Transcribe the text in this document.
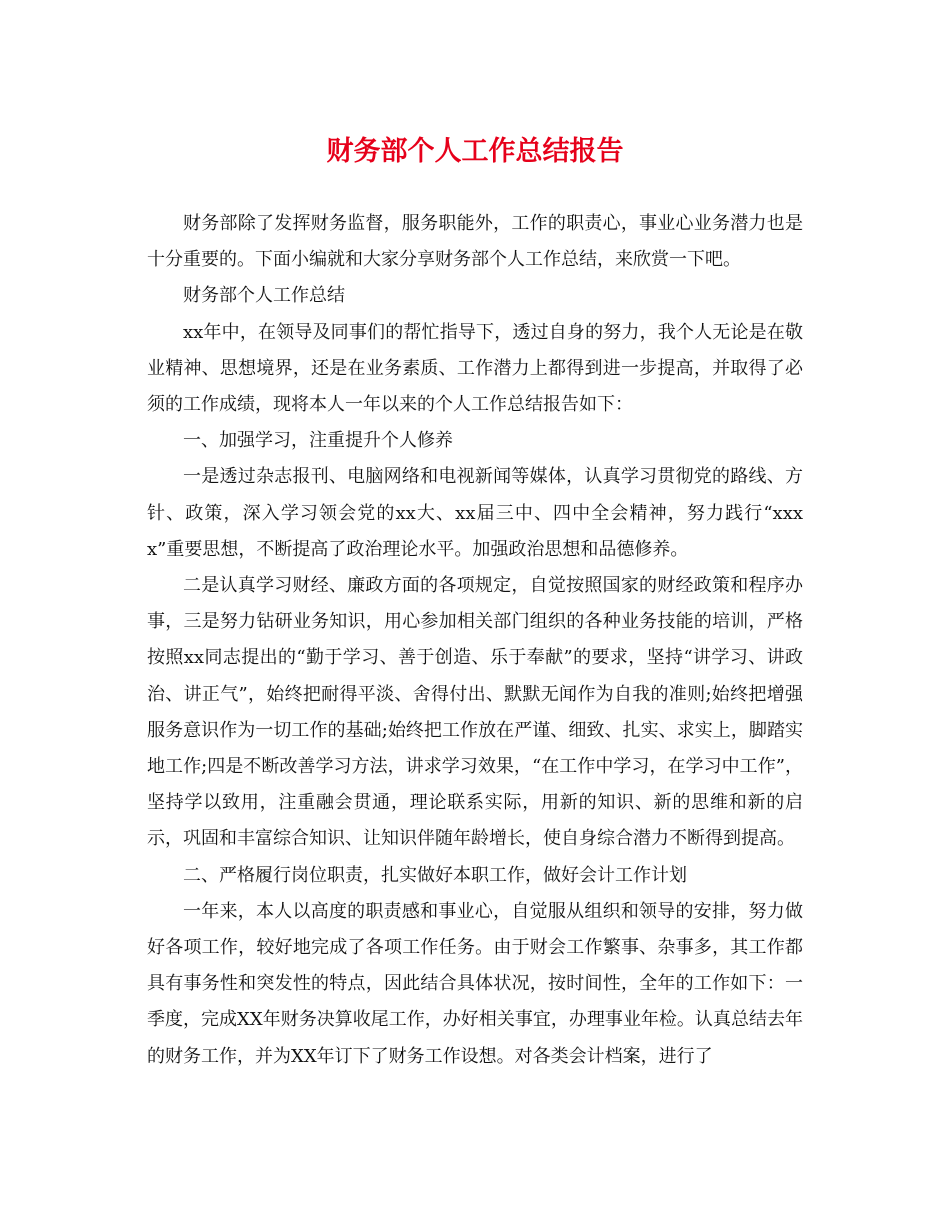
财务部个人工作总结报告

财务部除了发挥财务监督，服务职能外，工作的职责心，事业心业务潜力也是十分重要的。下面小编就和大家分享财务部个人工作总结，来欣赏一下吧。

财务部个人工作总结

xx年中，在领导及同事们的帮忙指导下，透过自身的努力，我个人无论是在敬业精神、思想境界，还是在业务素质、工作潜力上都得到进一步提高，并取得了必须的工作成绩，现将本人一年以来的个人工作总结报告如下：

一、加强学习，注重提升个人修养

一是透过杂志报刊、电脑网络和电视新闻等媒体，认真学习贯彻党的路线、方针、政策，深入学习领会党的xx大、xx届三中、四中全会精神，努力践行“xxxx”重要思想，不断提高了政治理论水平。加强政治思想和品德修养。

二是认真学习财经、廉政方面的各项规定，自觉按照国家的财经政策和程序办事，三是努力钻研业务知识，用心参加相关部门组织的各种业务技能的培训，严格按照xx同志提出的“勤于学习、善于创造、乐于奉献”的要求，坚持“讲学习、讲政治、讲正气”，始终把耐得平淡、舍得付出、默默无闻作为自我的准则;始终把增强服务意识作为一切工作的基础;始终把工作放在严谨、细致、扎实、求实上，脚踏实地工作;四是不断改善学习方法，讲求学习效果，“在工作中学习，在学习中工作”，坚持学以致用，注重融会贯通，理论联系实际，用新的知识、新的思维和新的启示，巩固和丰富综合知识、让知识伴随年龄增长，使自身综合潜力不断得到提高。

二、严格履行岗位职责，扎实做好本职工作，做好会计工作计划

一年来，本人以高度的职责感和事业心，自觉服从组织和领导的安排，努力做好各项工作，较好地完成了各项工作任务。由于财会工作繁事、杂事多，其工作都具有事务性和突发性的特点，因此结合具体状况，按时间性，全年的工作如下：一季度，完成XX年财务决算收尾工作，办好相关事宜，办理事业年检。认真总结去年的财务工作，并为XX年订下了财务工作设想。对各类会计档案，进行了
